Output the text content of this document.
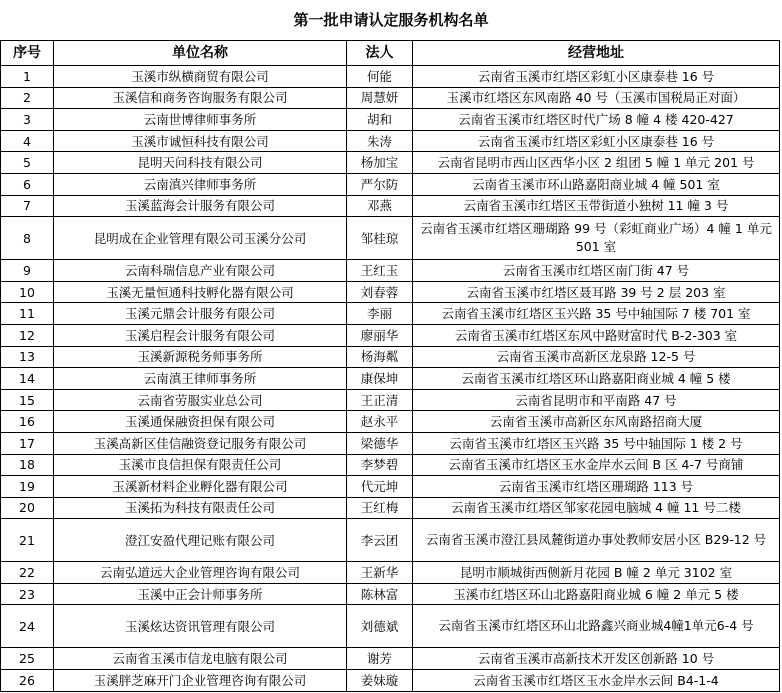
第一批申请认定服务机构名单
序号	单位名称	法人	经营地址
1	玉溪市纵横商贸有限公司	何能	云南省玉溪市红塔区彩虹小区康泰巷 16 号
2	玉溪信和商务咨询服务有限公司	周慧妍	玉溪市红塔区东风南路 40 号（玉溪市国税局正对面）
3	云南世博律师事务所	胡和	云南省玉溪市红塔区时代广场 8 幢 4 楼 420-427
4	玉溪市诚恒科技有限公司	朱涛	云南省玉溪市红塔区彩虹小区康泰巷 16 号
5	昆明天问科技有限公司	杨加宝	云南省昆明市西山区西华小区 2 组团 5 幢 1 单元 201 号
6	云南滇兴律师事务所	严尔防	云南省玉溪市环山路嘉阳商业城 4 幢 501 室
7	玉溪蓝海会计服务有限公司	邓燕	云南省玉溪市红塔区玉带街道小独树 11 幢 3 号
8	昆明成在企业管理有限公司玉溪分公司	邹桂琼	云南省玉溪市红塔区珊瑚路 99 号（彩虹商业广场）4 幢 1 单元 501 室
9	云南科瑞信息产业有限公司	王红玉	云南省玉溪市红塔区南门街 47 号
10	玉溪无量恒通科技孵化器有限公司	刘春蓉	云南省玉溪市红塔区聂耳路 39 号 2 层 203 室
11	玉溪元鼎会计服务有限公司	李丽	云南省玉溪市红塔区玉兴路 35 号中轴国际 7 楼 701 室
12	玉溪启程会计服务有限公司	廖丽华	云南省玉溪市红塔区东风中路财富时代 B-2-303 室
13	玉溪新源税务师事务所	杨海粼	云南省玉溪市高新区龙泉路 12-5 号
14	云南滇王律师事务所	康保坤	云南省玉溪市红塔区环山路嘉阳商业城 4 幢 5 楼
15	云南省劳服实业总公司	王正清	云南省昆明市和平南路 47 号
16	玉溪通保融资担保有限公司	赵永平	云南省玉溪市高新区东风南路招商大厦
17	玉溪高新区佳信融资登记服务有限公司	梁德华	云南省玉溪市红塔区玉兴路 35 号中轴国际 1 楼 2 号
18	玉溪市良信担保有限责任公司	李梦碧	云南省玉溪市红塔区玉水金岸水云间 B 区 4-7 号商铺
19	玉溪新材料企业孵化器有限公司	代元坤	云南省玉溪市红塔区珊瑚路 113 号
20	玉溪拓为科技有限责任公司	王红梅	云南省玉溪市红塔区邹家花园电脑城 4 幢 11 号二楼
21	澄江安盈代理记账有限公司	李云团	云南省玉溪市澄江县凤麓街道办事处教师安居小区 B29-12 号
22	云南弘道远大企业管理咨询有限公司	王新华	昆明市顺城街西侧新月花园 B 幢 2 单元 3102 室
23	玉溪中正会计师事务所	陈林富	玉溪市红塔区环山北路嘉阳商业城 6 幢 2 单元 5 楼
24	玉溪炫达资讯管理有限公司	刘德斌	云南省玉溪市红塔区环山北路鑫兴商业城4幢1单元6-4 号
25	云南省玉溪市信龙电脑有限公司	谢芳	云南省玉溪市高新技术开发区创新路 10 号
26	玉溪胖芝麻开门企业管理咨询有限公司	姜妹璇	云南省玉溪市红塔区玉水金岸水云间 B4-1-4
